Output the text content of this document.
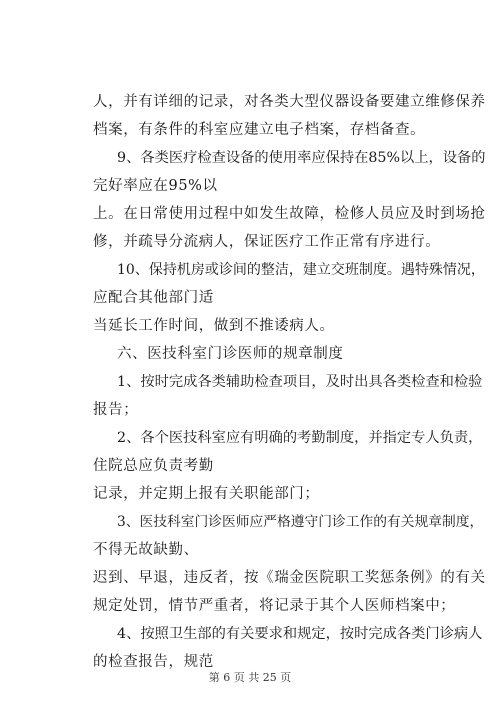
人，并有详细的记录，对各类大型仪器设备要建立维修保养
档案，有条件的科室应建立电子档案，存档备查。
9、各类医疗检查设备的使用率应保持在85%以上，设备的
完好率应在95%以
上。在日常使用过程中如发生故障，检修人员应及时到场抢
修，并疏导分流病人，保证医疗工作正常有序进行。
10、保持机房或诊间的整洁，建立交班制度。遇特殊情况，
应配合其他部门适
当延长工作时间，做到不推诿病人。
六、医技科室门诊医师的规章制度
1、按时完成各类辅助检查项目，及时出具各类检查和检验
报告；
2、各个医技科室应有明确的考勤制度，并指定专人负责，
住院总应负责考勤
记录，并定期上报有关职能部门；
3、医技科室门诊医师应严格遵守门诊工作的有关规章制度，
不得无故缺勤、
迟到、早退，违反者，按《瑞金医院职工奖惩条例》的有关
规定处罚，情节严重者，将记录于其个人医师档案中；
4、按照卫生部的有关要求和规定，按时完成各类门诊病人
的检查报告，规范
第 6 页 共 25 页
